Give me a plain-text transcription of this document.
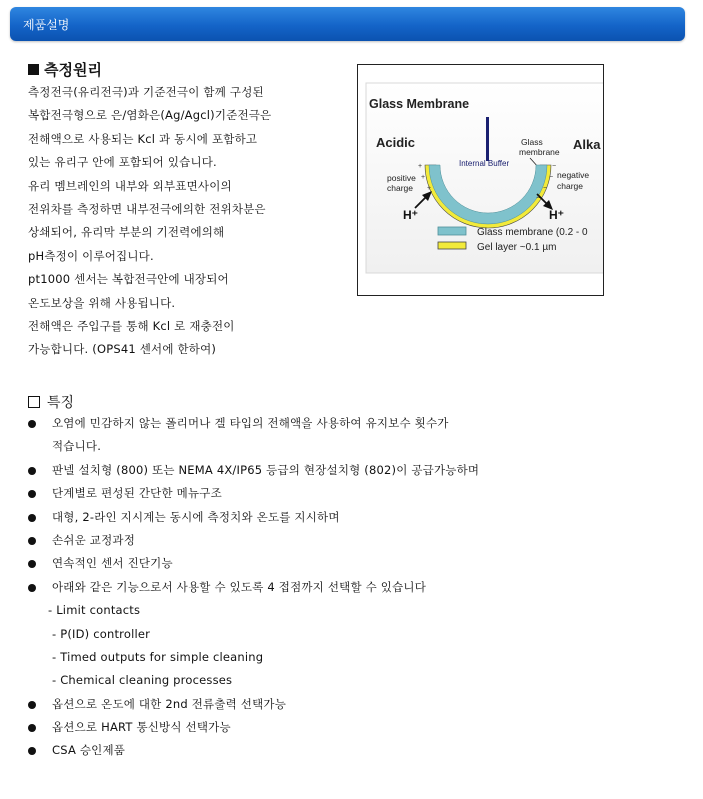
제품설명
측정원리
측정전극(유리전극)과 기준전극이 함께 구성된
복합전극형으로 은/염화은(Ag/Agcl)기준전극은
전해액으로 사용되는 Kcl 과 동시에 포함하고
있는 유리구 안에 포함되어 있습니다.
유리 멤브레인의 내부와 외부표면사이의
전위차를 측정하면 내부전극에의한 전위차분은
상쇄되어, 유리막 부분의 기전력에의해
pH측정이 이루어집니다.
pt1000 센서는 복합전극안에 내장되어
온도보상을 위해 사용됩니다.
전해액은 주입구를 통해 Kcl 로 재충전이
가능합니다. (OPS41 센서에 한하여)
Glass Membrane
Acidic	Alka
Glass
membrane
Internal Buffer
positive
charge
negative
charge
+
+
+
−
−
−
−
H⁺	H⁺
Glass membrane (0.2 - 0
Gel layer ~0.1 µm
특징
오염에 민감하지 않는 폴리머나 겔 타입의 전해액을 사용하여 유지보수 횟수가
적습니다.
판넬 설치형 (800) 또는 NEMA 4X/IP65 등급의 현장설치형 (802)이 공급가능하며
단계별로 편성된 간단한 메뉴구조
대형, 2-라인 지시계는 동시에 측정치와 온도를 지시하며
손쉬운 교정과정
연속적인 센서 진단기능
아래와 같은 기능으로서 사용할 수 있도록 4 접점까지 선택할 수 있습니다
- Limit contacts
- P(ID) controller
- Timed outputs for simple cleaning
- Chemical cleaning processes
옵션으로 온도에 대한 2nd 전류출력 선택가능
옵션으로 HART 통신방식 선택가능
CSA 승인제품
